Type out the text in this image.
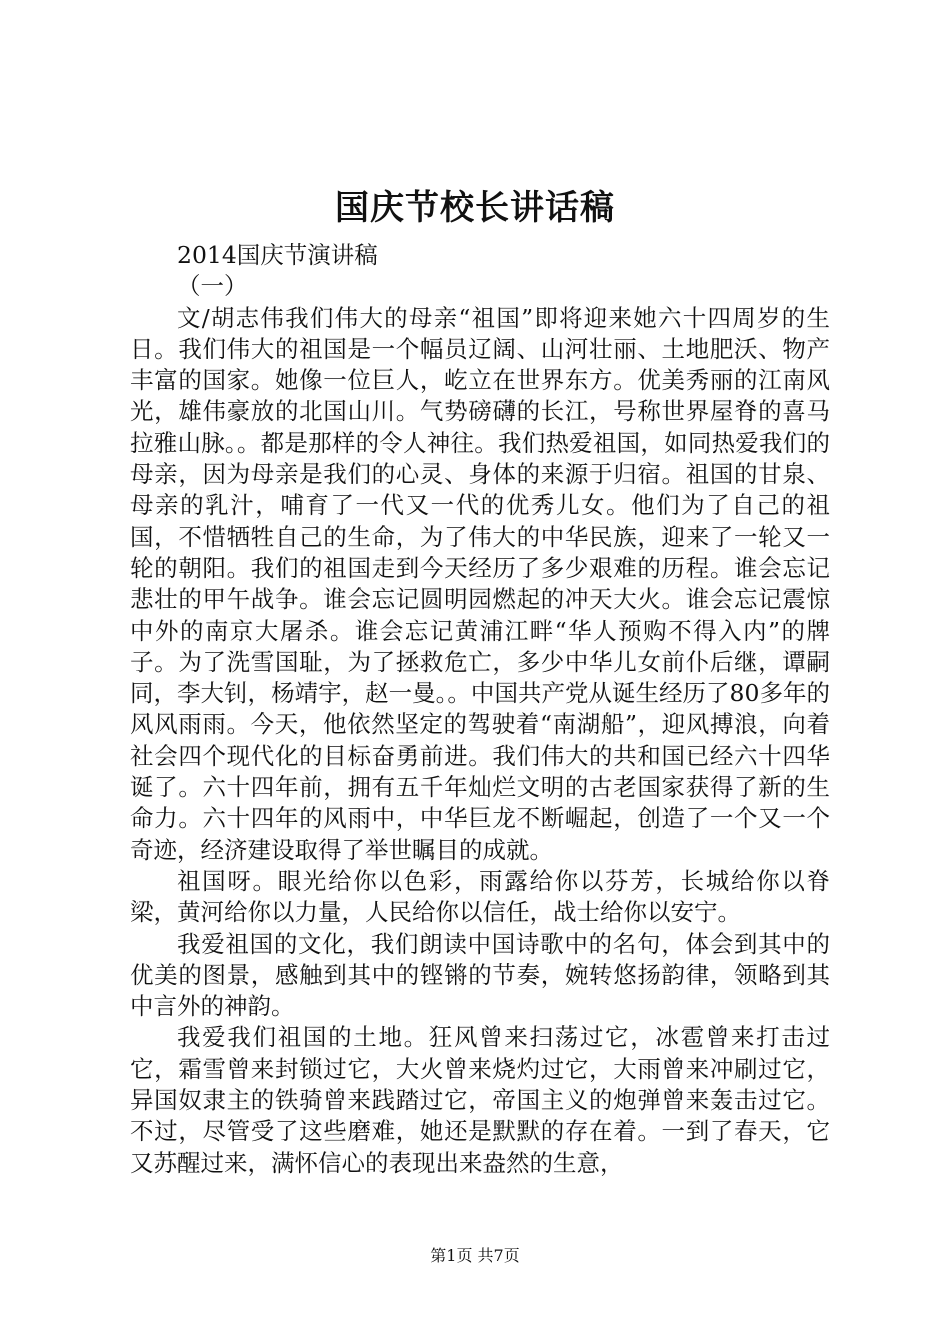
国庆节校长讲话稿

2014国庆节演讲稿

（一）

文/胡志伟我们伟大的母亲“祖国”即将迎来她六十四周岁的生日。我们伟大的祖国是一个幅员辽阔、山河壮丽、土地肥沃、物产丰富的国家。她像一位巨人，屹立在世界东方。优美秀丽的江南风光，雄伟豪放的北国山川。气势磅礴的长江，号称世界屋脊的喜马拉雅山脉。。都是那样的令人神往。我们热爱祖国，如同热爱我们的母亲，因为母亲是我们的心灵、身体的来源于归宿。祖国的甘泉、母亲的乳汁，哺育了一代又一代的优秀儿女。他们为了自己的祖国，不惜牺牲自己的生命，为了伟大的中华民族，迎来了一轮又一轮的朝阳。我们的祖国走到今天经历了多少艰难的历程。谁会忘记悲壮的甲午战争。谁会忘记圆明园燃起的冲天大火。谁会忘记震惊中外的南京大屠杀。谁会忘记黄浦江畔“华人预购不得入内”的牌子。为了洗雪国耻，为了拯救危亡，多少中华儿女前仆后继，谭嗣同，李大钊，杨靖宇，赵一曼。。中国共产党从诞生经历了80多年的风风雨雨。今天，他依然坚定的驾驶着“南湖船”，迎风搏浪，向着社会四个现代化的目标奋勇前进。我们伟大的共和国已经六十四华诞了。六十四年前，拥有五千年灿烂文明的古老国家获得了新的生命力。六十四年的风雨中，中华巨龙不断崛起，创造了一个又一个奇迹，经济建设取得了举世瞩目的成就。

祖国呀。眼光给你以色彩，雨露给你以芬芳，长城给你以脊梁，黄河给你以力量，人民给你以信任，战士给你以安宁。

我爱祖国的文化，我们朗读中国诗歌中的名句，体会到其中的优美的图景，感触到其中的铿锵的节奏，婉转悠扬韵律，领略到其中言外的神韵。

我爱我们祖国的土地。狂风曾来扫荡过它，冰雹曾来打击过它，霜雪曾来封锁过它，大火曾来烧灼过它，大雨曾来冲刷过它，异国奴隶主的铁骑曾来践踏过它，帝国主义的炮弹曾来轰击过它。不过，尽管受了这些磨难，她还是默默的存在着。一到了春天，它又苏醒过来，满怀信心的表现出来盎然的生意，

第1页 共7页
